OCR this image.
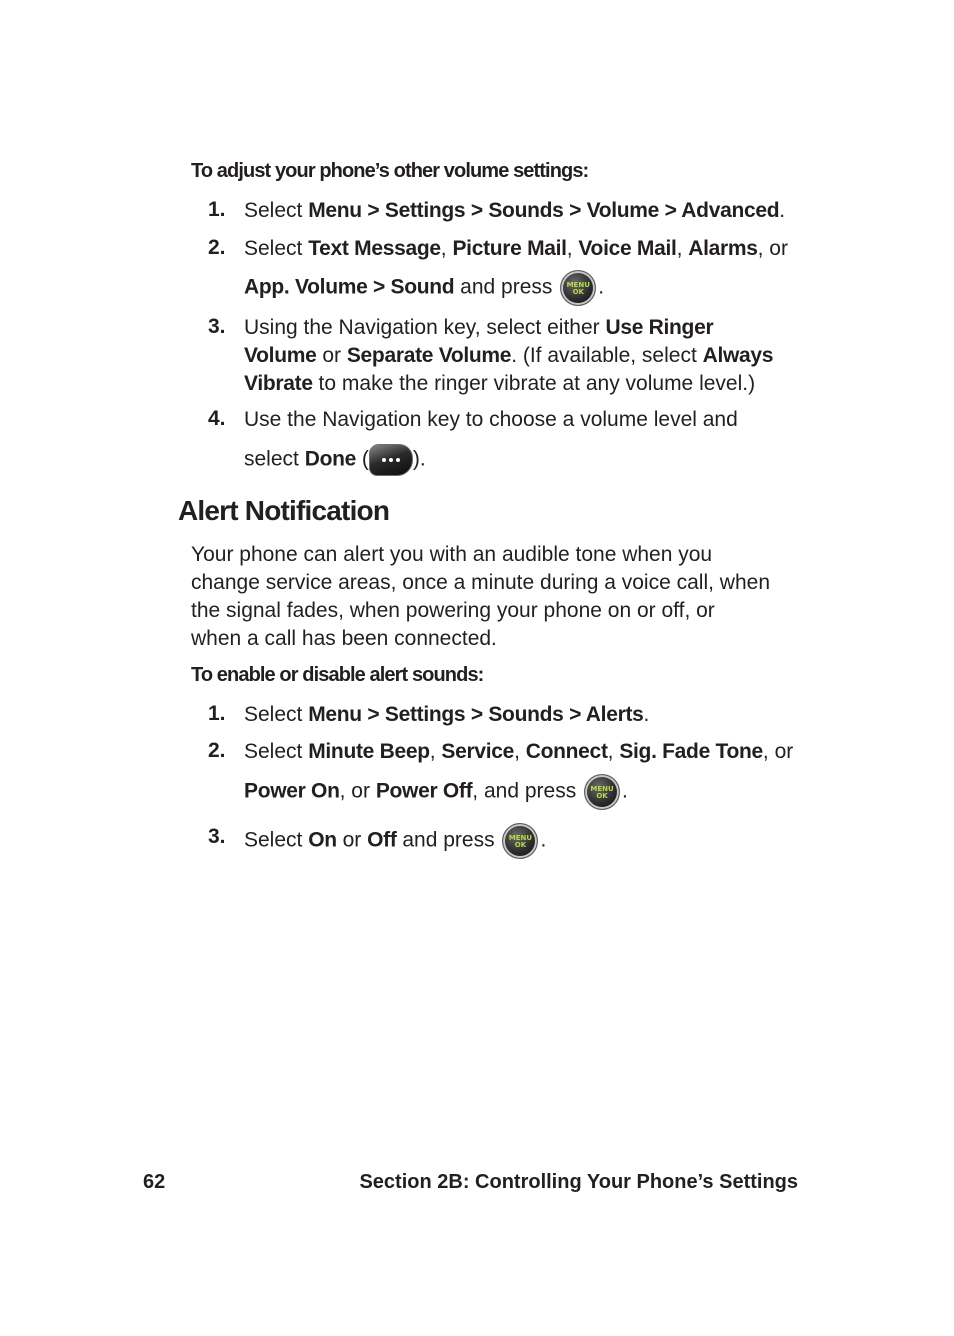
To adjust your phone’s other volume settings:
1. Select Menu > Settings > Sounds > Volume > Advanced.
2. Select Text Message, Picture Mail, Voice Mail, Alarms, or
App. Volume > Sound and press	MENU
OK .
3. Using the Navigation key, select either Use Ringer
Volume or Separate Volume. (If available, select Always
Vibrate to make the ringer vibrate at any volume level.)
4. Use the Navigation key to choose a volume level and
select Done ( ).
Alert Notification
Your phone can alert you with an audible tone when you
change service areas, once a minute during a voice call, when
the signal fades, when powering your phone on or off, or
when a call has been connected.
To enable or disable alert sounds:
1. Select Menu > Settings > Sounds > Alerts.
2. Select Minute Beep, Service, Connect, Sig. Fade Tone, or
Power On, or Power Off, and press	MENU
OK .
3. Select On or Off and press	MENU
OK .
62	Section 2B: Controlling Your Phone’s Settings
